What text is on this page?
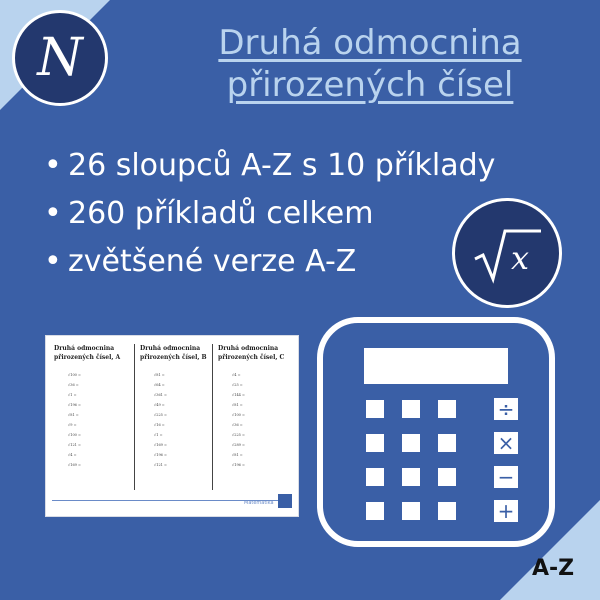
N	Druhá odmocnina
přirozených čísel
• 26 sloupců A-Z s 10 příklady
• 260 příkladů celkem
• zvětšené verze A-Z	x
Druhá odmocnina přirozených čísel, A
√100 =
√36 =
√1 =
√196 =
√81 =
√9 =
√100 =
√121 =
√4 =
√169 =
Druhá odmocnina přirozených čísel, B
√81 =
√64 =
√361 =
√49 =
√225 =
√16 =
√1 =
√169 =
√196 =
√121 =
Druhá odmocnina přirozených čísel, C
√4 =
√25 =
√144 =
√81 =
√100 =
√36 =
√225 =
√289 =
√81 =
√196 =
Matematika
÷
×
−
+
A-Z
